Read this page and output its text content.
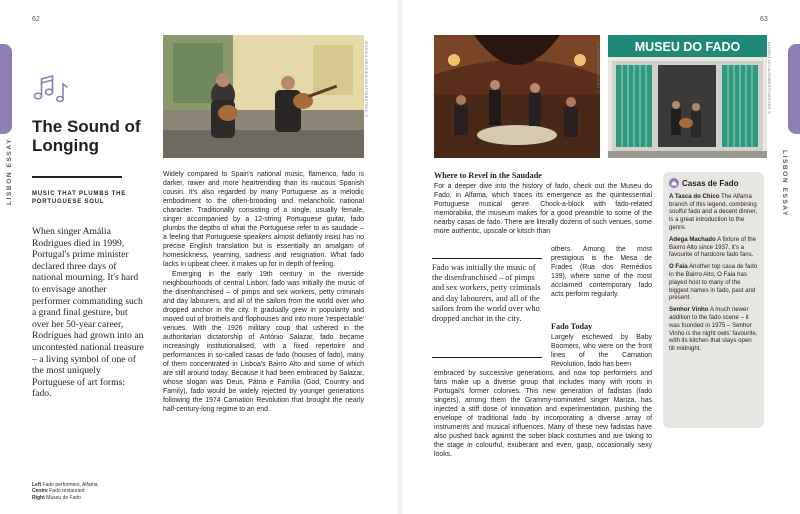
62	63
LISBON ESSAY	LISBON ESSAY
The Sound of Longing
MUSIC THAT PLUMBS THE PORTUGUESE SOUL

When singer Amália Rodrigues died in 1999, Portugal's prime minister declared three days of national mourning. It's hard to envisage another performer commanding such a grand final gesture, but over her 50-year career, Rodrigues had grown into an uncontested national treasure – a living symbol of one of the most uniquely Portuguese of art forms: fado.

Left Fado performers, Alfama
Centre Fado restaurant
Right Museu do Fado
JESSICA DEVRIES/SHUTTERSTOCK ©	ALAMY/IMAGEBROKER ©	MUSEU DO FADO	ALVARO LEIVA/ROBERTHARDING ©

Widely compared to Spain's national music, flamenco, fado is darker, rawer and more heartrending than its raucous Spanish cousin. It's also regarded by many Portuguese as a melodic embodiment to the often-brooding and melancholic national character. Traditionally consisting of a single, usually female, singer accompanied by a 12-string Portuguese guitar, fado plumbs the depths of what the Portuguese refer to as saudade – a feeling that Portuguese speakers almost defiantly insist has no precise English translation but is essentially an amalgam of homesickness, yearning, sadness and resignation. What fado lacks in upbeat cheer, it makes up for in depth of feeling.

Emerging in the early 19th century in the riverside neighbourhoods of central Lisbon, fado was initially the music of the disenfranchised – of pimps and sex workers, petty criminals and day labourers, and all of the sailors from the world over who dropped anchor in the city. It gradually grew in popularity and moved out of brothels and flophouses and into more 'respectable' venues. With the 1926 military coup that ushered in the authoritarian dictatorship of António Salazar, fado became increasingly institutionalised, with a fixed repertoire and performances in so-called casas de fado (houses of fado), many of them concentrated in Lisboa's Bairro Alto and some of which are still around today. Because it had been embraced by Salazar, whose slogan was Deus, Pátria e Família (God, Country and Family), fado would be widely rejected by younger generations following the 1974 Carnation Revolution that brought the nearly half-century-long regime to an end.

Where to Revel in the Saudade
For a deeper dive into the history of fado, check out the Museu do Fado, in Alfama, which traces its emergence as the quintessential Portuguese musical genre. Chock-a-block with fado-related memorabilia, the museum makes for a good preamble to some of the nearby casas de fado. There are literally dozens of such venues, some more authentic, upscale or kitsch than
others. Among the most prestigious is the Mesa de Frades (Rua dos Remédios 139), where some of the most acclaimed contemporary fado acts perform regularly.
Fado was initially the music of the disenfranchised – of pimps and sex workers, petty criminals and day labourers, and all of the sailors from the world over who dropped anchor in the city.
Fado Today
Largely eschewed by Baby Boomers, who were on the front lines of the Carnation Revolution, fado has been
embraced by successive generations, and now top performers and fans make up a diverse group that includes many with roots in Portugal's former colonies. This new generation of fadistas (fado singers), among them the Grammy-nominated singer Mariza, has injected a stiff dose of innovation and experimentation, pushing the envelope of traditional fado by incorporating a diverse array of instruments and musical influences. Many of these new fadistas have also pushed back against the sober black costumes and are taking to the stage in colourful, exuberant and even, gasp, occasionally sexy looks.
Casas de Fado
A Tasca do Chico The Alfama branch of this legend, combining soulful fado and a decent dinner, is a great introduction to the genre.
Adega Machado A fixture of the Bairro Alto since 1937, it's a favourite of hardcore fado fans.
O Faia Another top casa de fado in the Bairro Alto, O Faia has played host to many of the biggest names in fado, past and present.
Senhor Vinho A much newer addition to the fado scene – it was founded in 1975 – Senhor Vinho is the night owls' favourite, with its kitchen that stays open till midnight.
